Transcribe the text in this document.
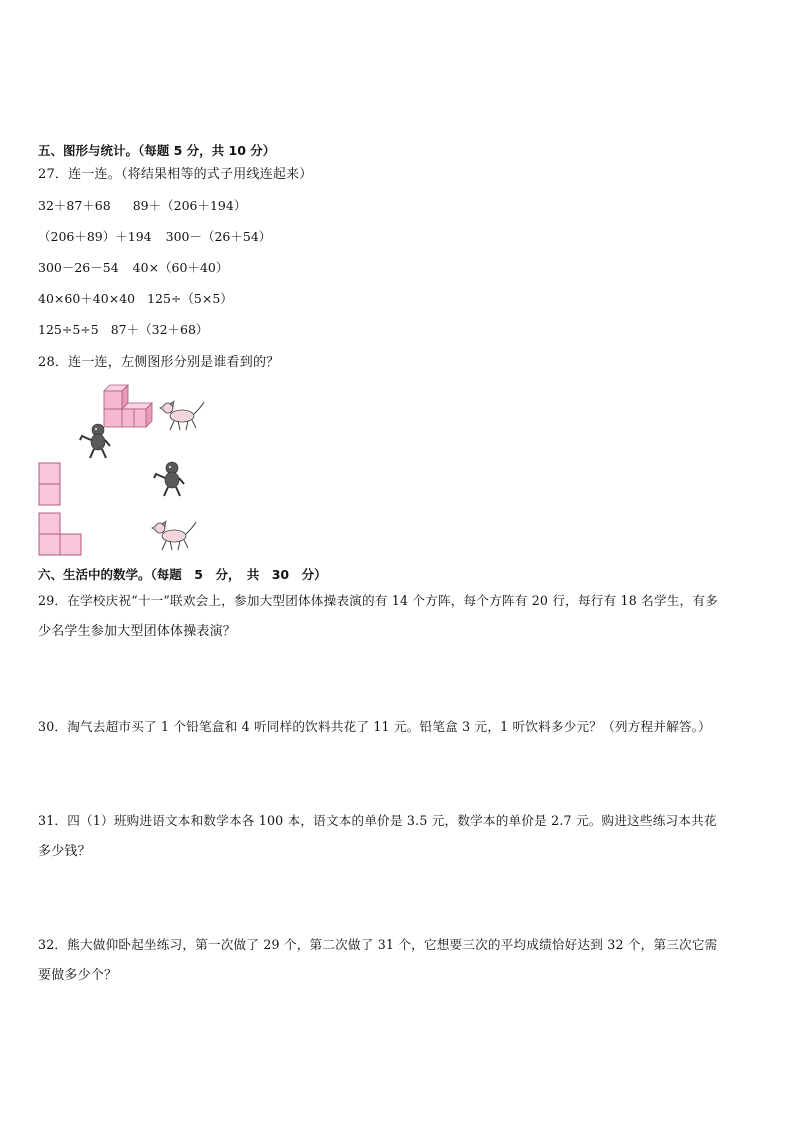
五、图形与统计。（每题 5 分，共 10 分）
27．连一连。（将结果相等的式子用线连起来）
32＋87＋68 89＋（206＋194）
（206＋89）＋194 300－（26＋54）
300－26－54 40×（60＋40）
40×60＋40×40 125÷（5×5）
125÷5÷5 87＋（32＋68）
28．连一连，左侧图形分别是谁看到的？
六、生活中的数学。（每题　5　分，　共　30　分）
29．在学校庆祝“十一”联欢会上，参加大型团体体操表演的有 14 个方阵，每个方阵有 20 行，每行有 18 名学生，有多
少名学生参加大型团体体操表演？
30．淘气去超市买了 1 个铅笔盒和 4 听同样的饮料共花了 11 元。铅笔盒 3 元，1 听饮料多少元？（列方程并解答。）
31．四（1）班购进语文本和数学本各 100 本，语文本的单价是 3.5 元，数学本的单价是 2.7 元。购进这些练习本共花
多少钱？
32．熊大做仰卧起坐练习，第一次做了 29 个，第二次做了 31 个，它想要三次的平均成绩恰好达到 32 个，第三次它需
要做多少个？
